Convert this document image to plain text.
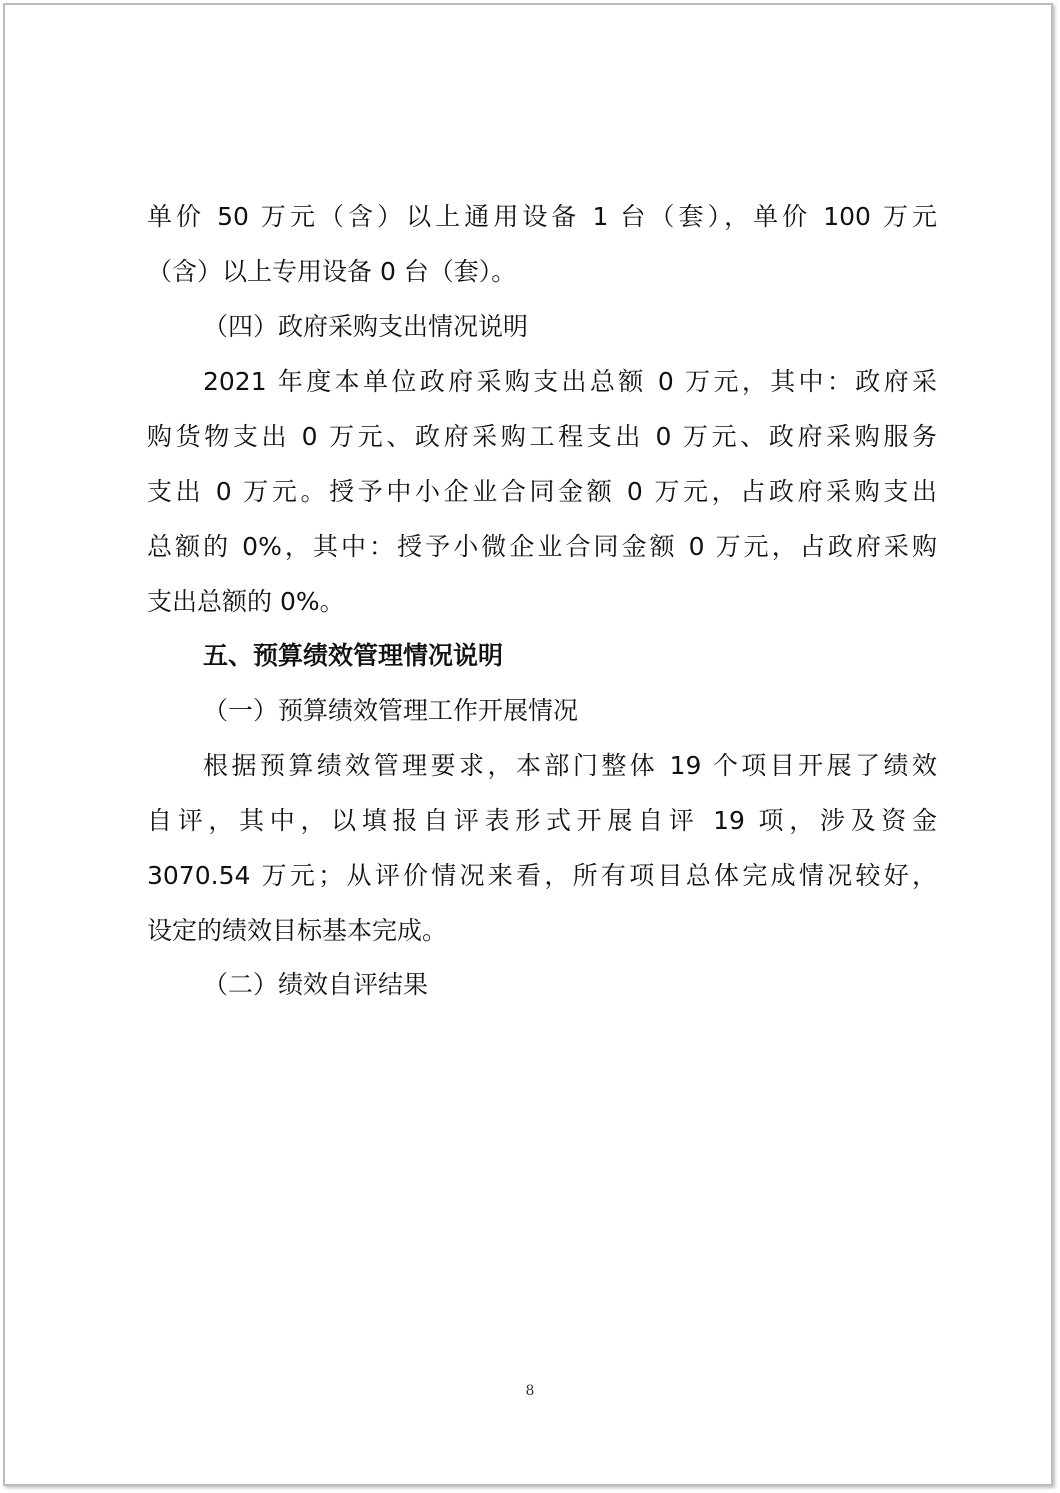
单价 50 万元（含）以上通用设备 1 台（套），单价 100 万元
（含）以上专用设备 0 台（套）。
（四）政府采购支出情况说明
2021 年度本单位政府采购支出总额 0 万元，其中：政府采
购货物支出 0 万元、政府采购工程支出 0 万元、政府采购服务
支出 0 万元。授予中小企业合同金额 0 万元，占政府采购支出
总额的 0%，其中：授予小微企业合同金额 0 万元，占政府采购
支出总额的 0%。
五、预算绩效管理情况说明
（一）预算绩效管理工作开展情况
根据预算绩效管理要求，本部门整体 19 个项目开展了绩效
自评，其中，以填报自评表形式开展自评 19 项，涉及资金
3070.54 万元；从评价情况来看，所有项目总体完成情况较好，
设定的绩效目标基本完成。
（二）绩效自评结果
8
